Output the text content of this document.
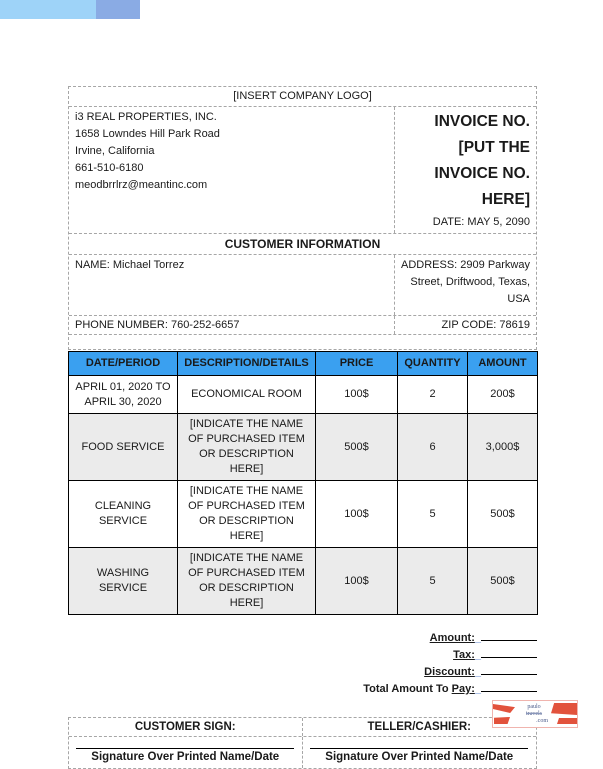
[INSERT COMPANY LOGO]
i3 REAL PROPERTIES, INC.
1658 Lowndes Hill Park Road
Irvine, California
661-510-6180
meodbrrlrz@meantinc.com
INVOICE NO. [PUT THE INVOICE NO. HERE]
DATE: MAY 5, 2090
CUSTOMER INFORMATION
NAME: Michael Torrez	ADDRESS: 2909 Parkway Street, Driftwood, Texas, USA
PHONE NUMBER: 760-252-6657	ZIP CODE: 78619
DATE/PERIOD	DESCRIPTION/DETAILS	PRICE	QUANTITY	AMOUNT
APRIL 01, 2020 TO APRIL 30, 2020	ECONOMICAL ROOM	100$	2	200$
FOOD SERVICE	[INDICATE THE NAME OF PURCHASED ITEM OR DESCRIPTION HERE]	500$	6	3,000$
CLEANING SERVICE	[INDICATE THE NAME OF PURCHASED ITEM OR DESCRIPTION HERE]	100$	5	500$
WASHING SERVICE	[INDICATE THE NAME OF PURCHASED ITEM OR DESCRIPTION HERE]	100$	5	500$
Amount:_
Tax:_
Discount:_
Total Amount To Pay:_
CUSTOMER SIGN:	TELLER/CASHIER:
Signature Over Printed Name/Date	Signature Over Printed Name/Date
paulo
travels
.com
